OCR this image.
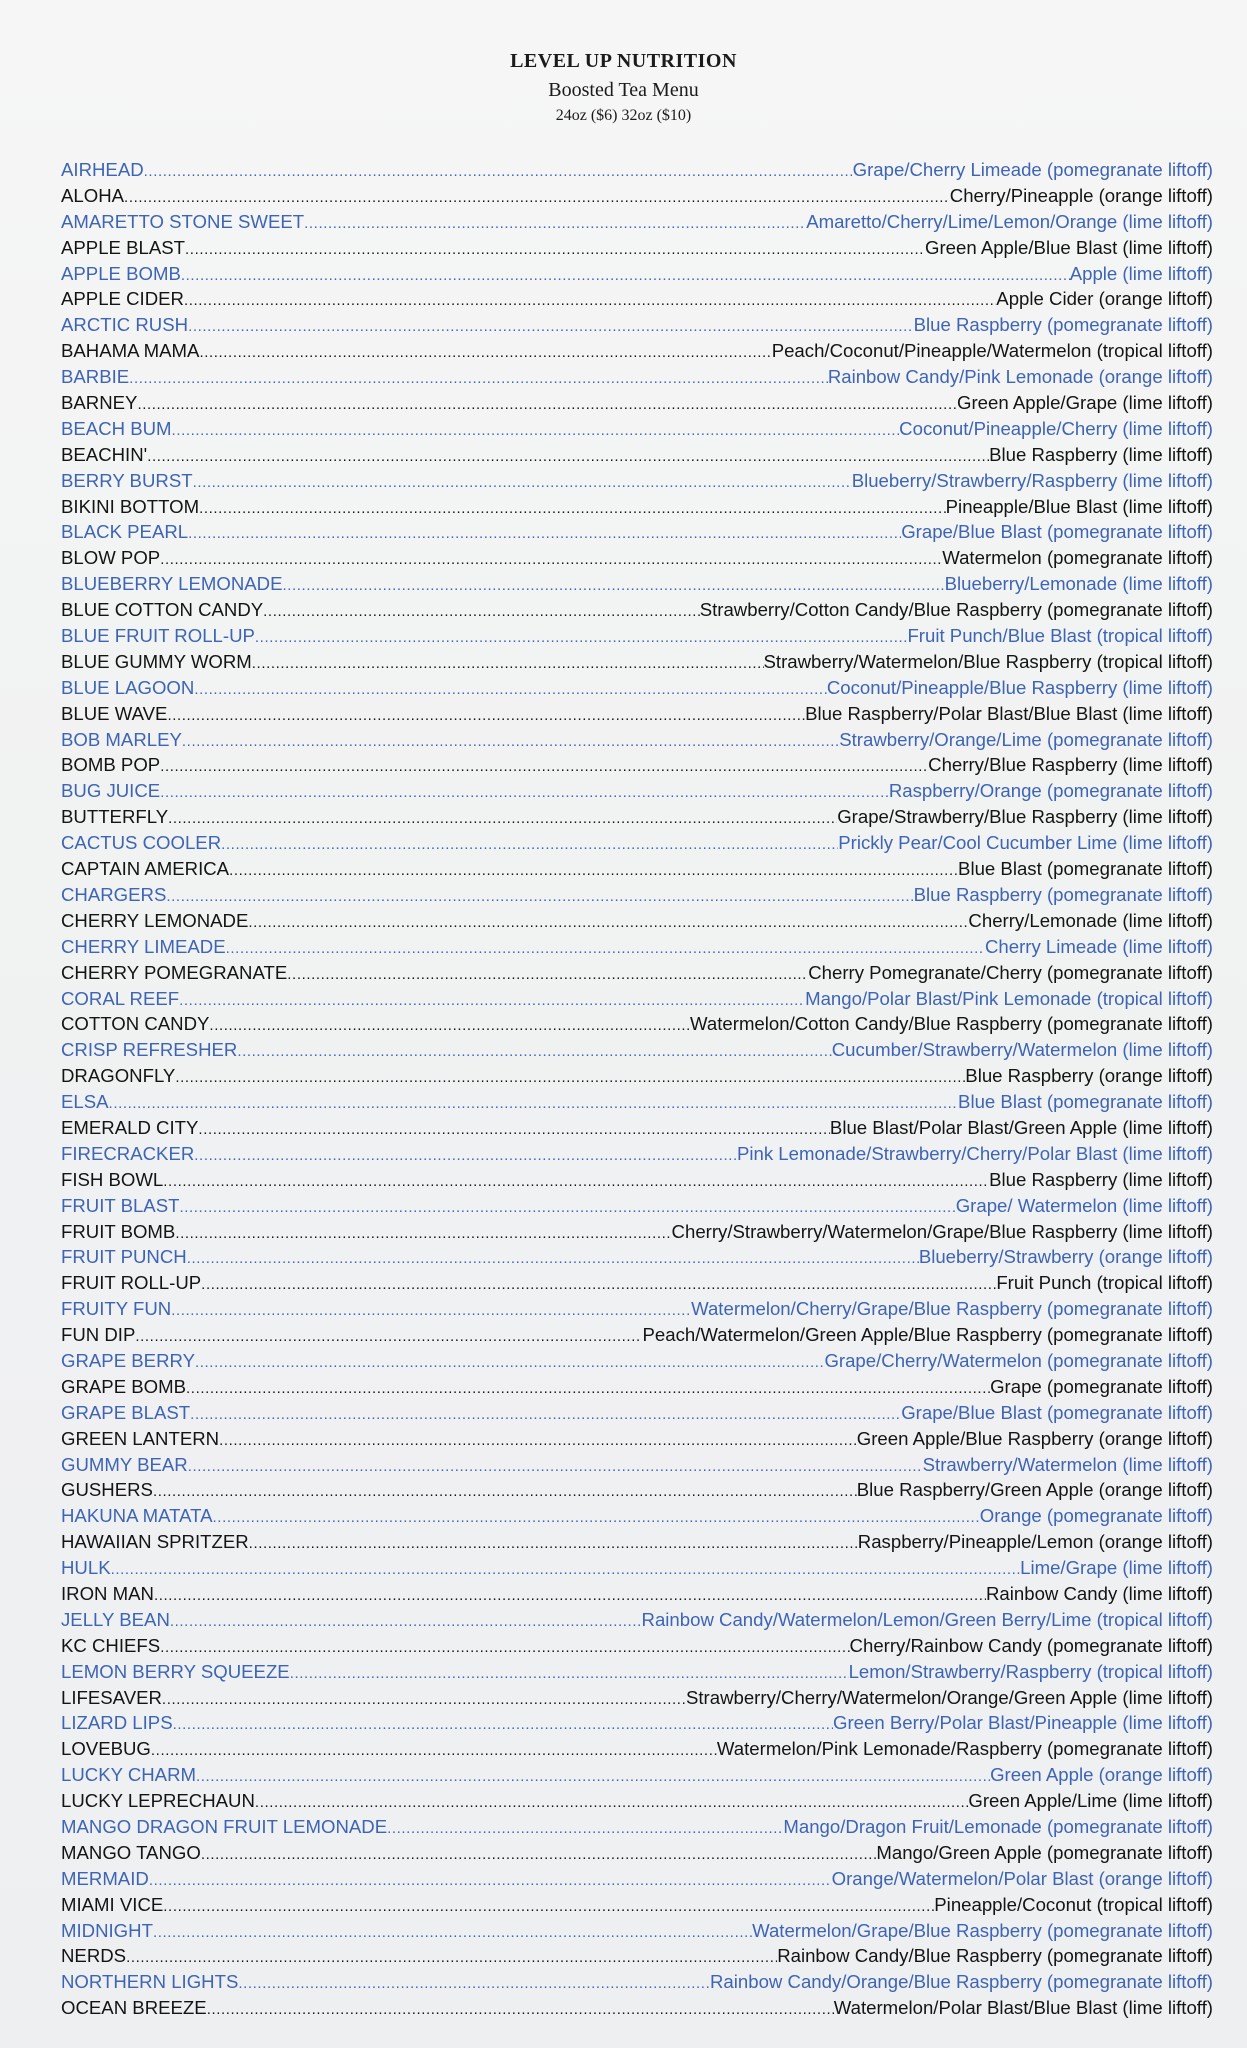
LEVEL UP NUTRITION
Boosted Tea Menu
24oz ($6) 32oz ($10)
AIRHEAD .....	Grape/Cherry Limeade (pomegranate liftoff)
ALOHA .....	Cherry/Pineapple (orange liftoff)
AMARETTO STONE SWEET .....	Amaretto/Cherry/Lime/Lemon/Orange (lime liftoff)
APPLE BLAST .....	Green Apple/Blue Blast (lime liftoff)
APPLE BOMB .....	Apple (lime liftoff)
APPLE CIDER .....	Apple Cider (orange liftoff)
ARCTIC RUSH .....	Blue Raspberry (pomegranate liftoff)
BAHAMA MAMA .....	Peach/Coconut/Pineapple/Watermelon (tropical liftoff)
BARBIE .....	Rainbow Candy/Pink Lemonade (orange liftoff)
BARNEY .....	Green Apple/Grape (lime liftoff)
BEACH BUM .....	Coconut/Pineapple/Cherry (lime liftoff)
BEACHIN' .....	Blue Raspberry (lime liftoff)
BERRY BURST .....	Blueberry/Strawberry/Raspberry (lime liftoff)
BIKINI BOTTOM .....	Pineapple/Blue Blast (lime liftoff)
BLACK PEARL .....	Grape/Blue Blast (pomegranate liftoff)
BLOW POP .....	Watermelon (pomegranate liftoff)
BLUEBERRY LEMONADE .....	Blueberry/Lemonade (lime liftoff)
BLUE COTTON CANDY .....	Strawberry/Cotton Candy/Blue Raspberry (pomegranate liftoff)
BLUE FRUIT ROLL-UP .....	Fruit Punch/Blue Blast (tropical liftoff)
BLUE GUMMY WORM .....	Strawberry/Watermelon/Blue Raspberry (tropical liftoff)
BLUE LAGOON .....	Coconut/Pineapple/Blue Raspberry (lime liftoff)
BLUE WAVE .....	Blue Raspberry/Polar Blast/Blue Blast (lime liftoff)
BOB MARLEY .....	Strawberry/Orange/Lime (pomegranate liftoff)
BOMB POP .....	Cherry/Blue Raspberry (lime liftoff)
BUG JUICE .....	Raspberry/Orange (pomegranate liftoff)
BUTTERFLY .....	Grape/Strawberry/Blue Raspberry (lime liftoff)
CACTUS COOLER .....	Prickly Pear/Cool Cucumber Lime (lime liftoff)
CAPTAIN AMERICA .....	Blue Blast (pomegranate liftoff)
CHARGERS .....	Blue Raspberry (pomegranate liftoff)
CHERRY LEMONADE .....	Cherry/Lemonade (lime liftoff)
CHERRY LIMEADE .....	Cherry Limeade (lime liftoff)
CHERRY POMEGRANATE .....	Cherry Pomegranate/Cherry (pomegranate liftoff)
CORAL REEF .....	Mango/Polar Blast/Pink Lemonade (tropical liftoff)
COTTON CANDY .....	Watermelon/Cotton Candy/Blue Raspberry (pomegranate liftoff)
CRISP REFRESHER .....	Cucumber/Strawberry/Watermelon (lime liftoff)
DRAGONFLY .....	Blue Raspberry (orange liftoff)
ELSA .....	Blue Blast (pomegranate liftoff)
EMERALD CITY .....	Blue Blast/Polar Blast/Green Apple (lime liftoff)
FIRECRACKER .....	Pink Lemonade/Strawberry/Cherry/Polar Blast (lime liftoff)
FISH BOWL .....	Blue Raspberry (lime liftoff)
FRUIT BLAST .....	Grape/ Watermelon (lime liftoff)
FRUIT BOMB .....	Cherry/Strawberry/Watermelon/Grape/Blue Raspberry (lime liftoff)
FRUIT PUNCH .....	Blueberry/Strawberry (orange liftoff)
FRUIT ROLL-UP .....	Fruit Punch (tropical liftoff)
FRUITY FUN .....	Watermelon/Cherry/Grape/Blue Raspberry (pomegranate liftoff)
FUN DIP .....	Peach/Watermelon/Green Apple/Blue Raspberry (pomegranate liftoff)
GRAPE BERRY .....	Grape/Cherry/Watermelon (pomegranate liftoff)
GRAPE BOMB .....	Grape (pomegranate liftoff)
GRAPE BLAST .....	Grape/Blue Blast (pomegranate liftoff)
GREEN LANTERN .....	Green Apple/Blue Raspberry (orange liftoff)
GUMMY BEAR .....	Strawberry/Watermelon (lime liftoff)
GUSHERS .....	Blue Raspberry/Green Apple (orange liftoff)
HAKUNA MATATA .....	Orange (pomegranate liftoff)
HAWAIIAN SPRITZER .....	Raspberry/Pineapple/Lemon (orange liftoff)
HULK .....	Lime/Grape (lime liftoff)
IRON MAN .....	Rainbow Candy (lime liftoff)
JELLY BEAN .....	Rainbow Candy/Watermelon/Lemon/Green Berry/Lime (tropical liftoff)
KC CHIEFS .....	Cherry/Rainbow Candy (pomegranate liftoff)
LEMON BERRY SQUEEZE .....	Lemon/Strawberry/Raspberry (tropical liftoff)
LIFESAVER .....	Strawberry/Cherry/Watermelon/Orange/Green Apple (lime liftoff)
LIZARD LIPS .....	Green Berry/Polar Blast/Pineapple (lime liftoff)
LOVEBUG .....	Watermelon/Pink Lemonade/Raspberry (pomegranate liftoff)
LUCKY CHARM .....	Green Apple (orange liftoff)
LUCKY LEPRECHAUN .....	Green Apple/Lime (lime liftoff)
MANGO DRAGON FRUIT LEMONADE .....	Mango/Dragon Fruit/Lemonade (pomegranate liftoff)
MANGO TANGO .....	Mango/Green Apple (pomegranate liftoff)
MERMAID .....	Orange/Watermelon/Polar Blast (orange liftoff)
MIAMI VICE .....	Pineapple/Coconut (tropical liftoff)
MIDNIGHT .....	Watermelon/Grape/Blue Raspberry (pomegranate liftoff)
NERDS .....	Rainbow Candy/Blue Raspberry (pomegranate liftoff)
NORTHERN LIGHTS .....	Rainbow Candy/Orange/Blue Raspberry (pomegranate liftoff)
OCEAN BREEZE .....	Watermelon/Polar Blast/Blue Blast (lime liftoff)
